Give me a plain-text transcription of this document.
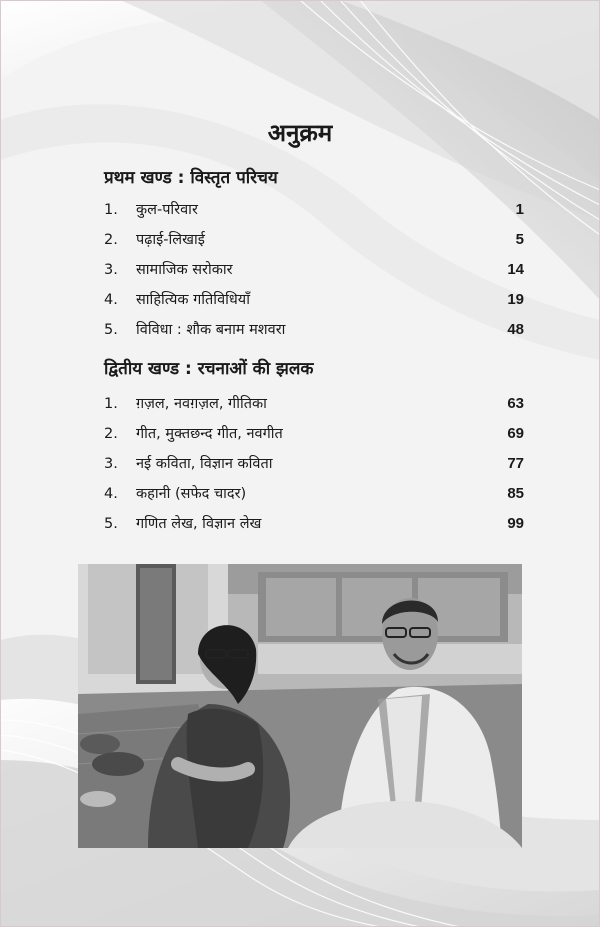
अनुक्रम
प्रथम खण्ड : विस्तृत परिचय
1.	कुल-परिवार	1
2.	पढ़ाई-लिखाई	5
3.	सामाजिक सरोकार	14
4.	साहित्यिक गतिविधियाँ	19
5.	विविधा : शौक बनाम मशवरा	48
द्वितीय खण्ड : रचनाओं की झलक
1.	ग़ज़ल, नवग़ज़ल, गीतिका	63
2.	गीत, मुक्तछन्द गीत, नवगीत	69
3.	नई कविता, विज्ञान कविता	77
4.	कहानी (सफेद चादर)	85
5.	गणित लेख, विज्ञान लेख	99
